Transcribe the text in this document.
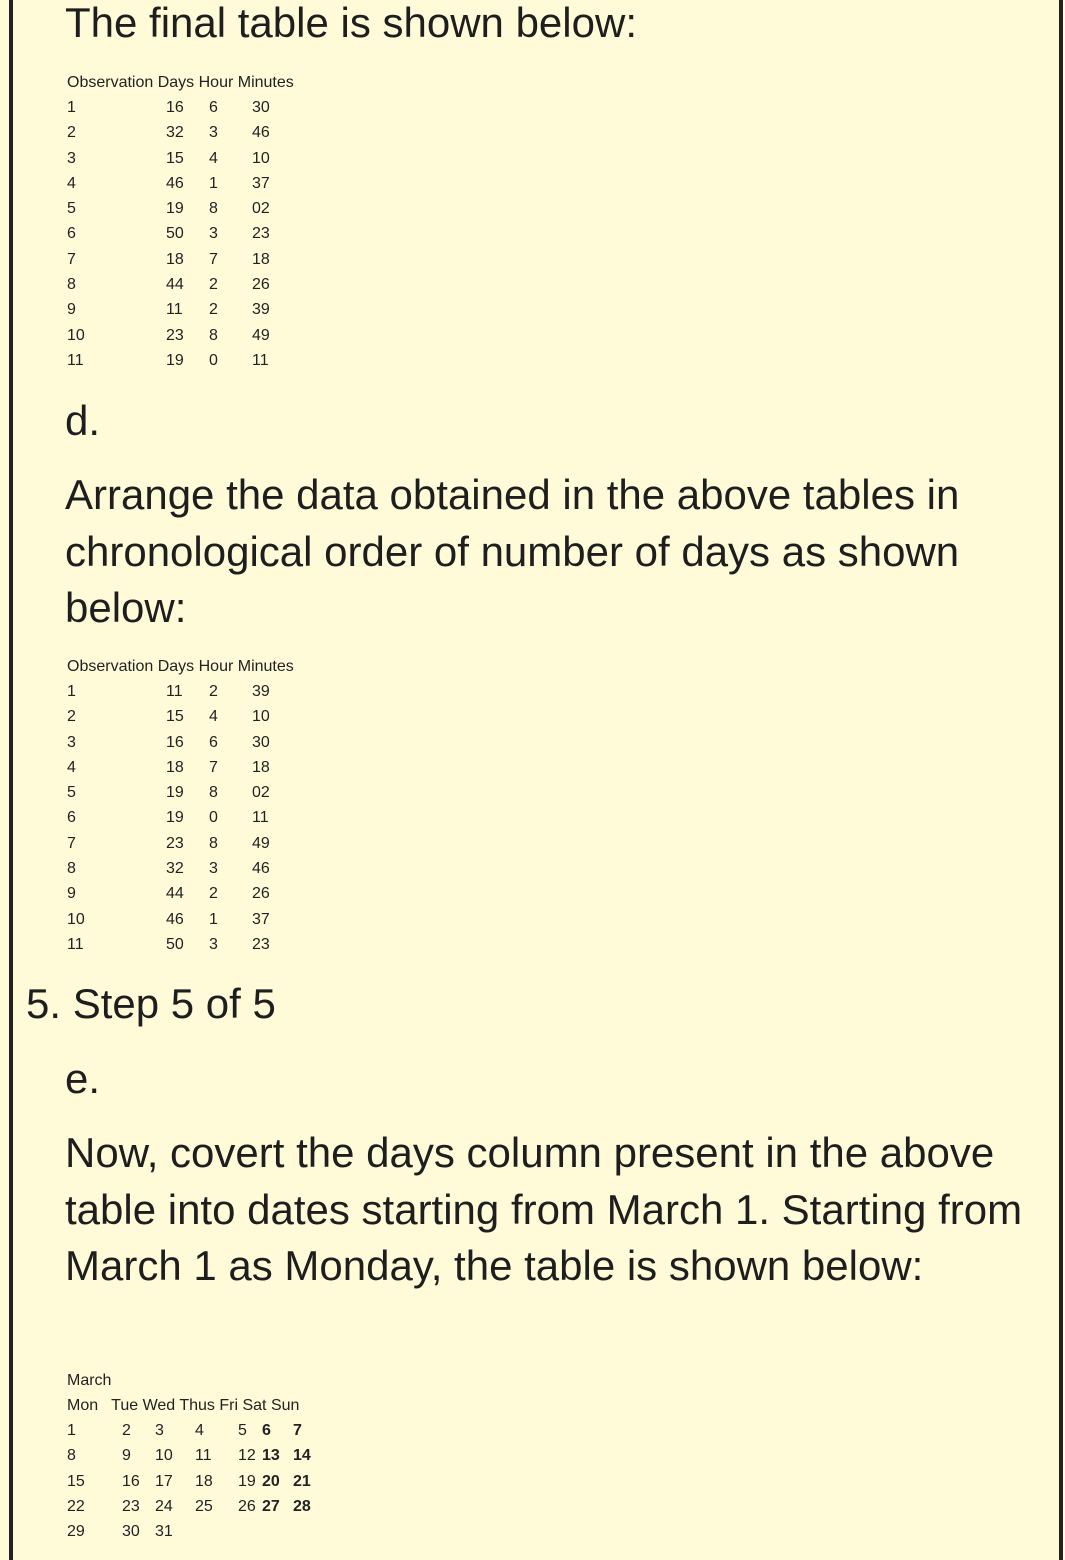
The final table is shown below:

Observation Days Hour Minutes
1	16 6 30
2	32 3 46
3	15 4 10
4	46 1 37
5	19 8 02
6	50 3 23
7	18 7 18
8	44 2 26
9	11 2 39
10	23 8 49
11	19 0 11

d.

Arrange the data obtained in the above tables in chronological order of number of days as shown below:

Observation Days Hour Minutes
1	11 2 39
2	15 4 10
3	16 6 30
4	18 7 18
5	19 8 02
6	19 0 11
7	23 8 49
8	32 3 46
9	44 2 26
10	46 1 37
11	50 3 23

5. Step 5 of 5

e.

Now, covert the days column present in the above table into dates starting from March 1. Starting from March 1 as Monday, the table is shown below:

March
Mon   Tue Wed Thus Fri Sat Sun
1	2 3 4 5 6 7
8	9 10 11 12 13 14
15 16 17 18 19 20 21
22 23 24 25 26 27 28
29 30 31
